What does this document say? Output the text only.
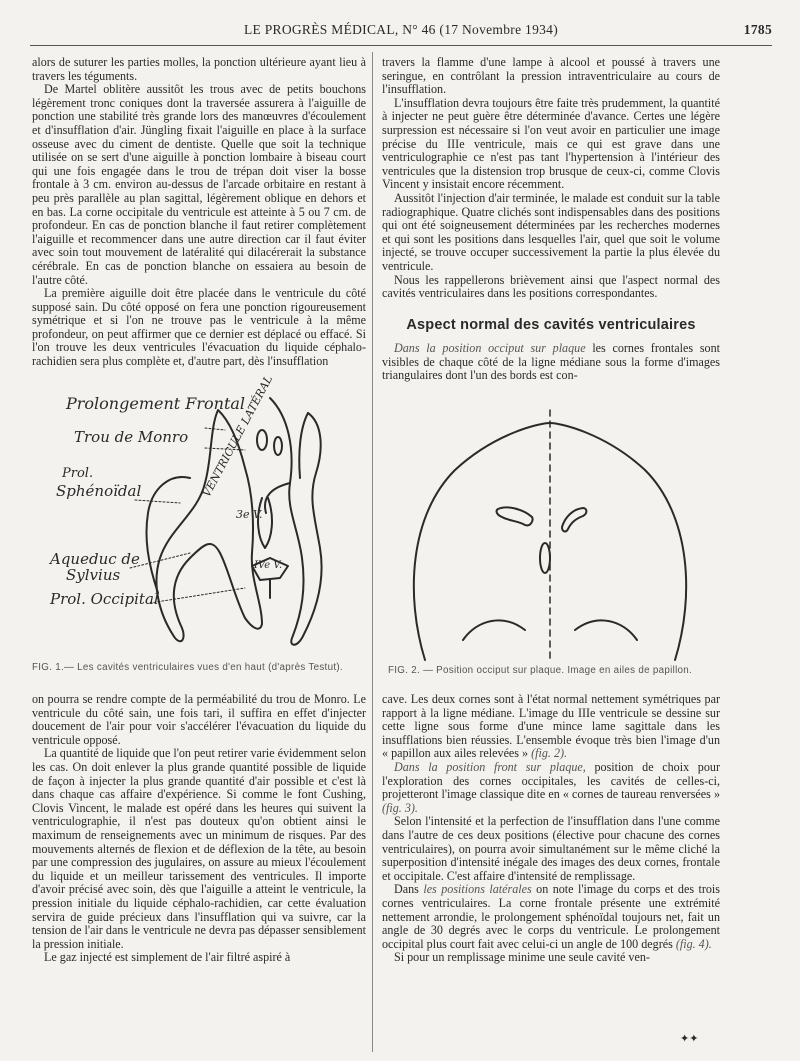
LE PROGRÈS MÉDICAL, N° 46 (17 Novembre 1934)	1785

alors de suturer les parties molles, la ponction ultérieure ayant lieu à travers les téguments.

De Martel oblitère aussitôt les trous avec de petits bouchons légèrement tronc coniques dont la traversée assurera à l'aiguille de ponction une stabilité très grande lors des manœuvres d'écoulement et d'insufflation d'air. Jüngling fixait l'aiguille en place à la surface osseuse avec du ciment de dentiste. Quelle que soit la technique utilisée on se sert d'une aiguille à ponction lombaire à biseau court qui une fois engagée dans le trou de trépan doit viser la bosse frontale à 3 cm. environ au-dessus de l'arcade orbitaire en restant à peu près parallèle au plan sagittal, légèrement oblique en dehors et en bas. La corne occipitale du ventricule est atteinte à 5 ou 7 cm. de profondeur. En cas de ponction blanche il faut retirer complètement l'aiguille et recommencer dans une autre direction car il faut éviter avec soin tout mouvement de latéralité qui dilacérerait la substance cérébrale. En cas de ponction blanche on essaiera au besoin de l'autre côté.

La première aiguille doit être placée dans le ventricule du côté supposé sain. Du côté opposé on fera une ponction rigoureusement symétrique et si l'on ne trouve pas le ventricule à la même profondeur, on peut affirmer que ce dernier est déplacé ou effacé. Si l'on trouve les deux ventricules l'évacuation du liquide céphalo-rachidien sera plus complète et, d'autre part, dès l'insufflation

travers la flamme d'une lampe à alcool et poussé à travers une seringue, en contrôlant la pression intraventriculaire au cours de l'insufflation.

L'insufflation devra toujours être faite très prudemment, la quantité à injecter ne peut guère être déterminée d'avance. Certes une légère surpression est nécessaire si l'on veut avoir en particulier une image précise du IIIe ventricule, mais ce qui est grave dans une ventriculographie ce n'est pas tant l'hypertension à l'intérieur des ventricules que la distension trop brusque de ceux-ci, comme Clovis Vincent y insistait encore récemment.

Aussitôt l'injection d'air terminée, le malade est conduit sur la table radiographique. Quatre clichés sont indispensables dans des positions qui ont été soigneusement déterminées par les recherches modernes et qui sont les positions dans lesquelles l'air, quel que soit le volume injecté, se trouve occuper successivement la partie la plus élevée du ventricule.

Nous les rappellerons brièvement ainsi que l'aspect normal des cavités ventriculaires dans les positions correspondantes.

Aspect normal des cavités ventriculaires

Dans la position occiput sur plaque les cornes frontales sont visibles de chaque côté de la ligne médiane sous la forme d'images triangulaires dont l'un des bords est con-

Prolongement Frontal
Trou de Monro
Prol.
Sphénoïdal
Aqueduc de
Sylvius
Prol. Occipital
VENTRICULE LATÉRAL
3e V.
IVe V.
FIG. 1.— Les cavités ventriculaires vues d'en haut (d'après Testut).	FIG. 2. — Position occiput sur plaque. Image en ailes de papillon.

on pourra se rendre compte de la perméabilité du trou de Monro. Le ventricule du côté sain, une fois tari, il suffira en effet d'injecter doucement de l'air pour voir s'accélérer l'évacuation du liquide du ventricule opposé.

La quantité de liquide que l'on peut retirer varie évidemment selon les cas. On doit enlever la plus grande quantité possible de liquide de façon à injecter la plus grande quantité d'air possible et c'est là dans chaque cas affaire d'expérience. Si comme le font Cushing, Clovis Vincent, le malade est opéré dans les heures qui suivent la ventriculographie, il n'est pas douteux qu'on obtient ainsi le maximum de renseignements avec un minimum de risques. Par des mouvements alternés de flexion et de déflexion de la tête, au besoin par une compression des jugulaires, on assure au mieux l'écoulement du liquide et un meilleur tarissement des ventricules. Il importe d'avoir précisé avec soin, dès que l'aiguille a atteint le ventricule, la pression initiale du liquide céphalo-rachidien, car cette évaluation servira de guide précieux dans l'insufflation qui va suivre, car la tension de l'air dans le ventricule ne devra pas dépasser sensiblement la pression initiale.

Le gaz injecté est simplement de l'air filtré aspiré à

cave. Les deux cornes sont à l'état normal nettement symétriques par rapport à la ligne médiane. L'image du IIIe ventricule se dessine sur cette ligne sous forme d'une mince lame sagittale dans les insufflations bien réussies. L'ensemble évoque très bien l'image d'un « papillon aux ailes relevées » (fig. 2).

Dans la position front sur plaque, position de choix pour l'exploration des cornes occipitales, les cavités de celles-ci, projetteront l'image classique dite en « cornes de taureau renversées » (fig. 3).

Selon l'intensité et la perfection de l'insufflation dans l'une comme dans l'autre de ces deux positions (élective pour chacune des cornes ventriculaires), on pourra avoir simultanément sur le même cliché la superposition d'intensité inégale des images des deux cornes, frontale et occipitale. C'est affaire d'intensité de remplissage.

Dans les positions latérales on note l'image du corps et des trois cornes ventriculaires. La corne frontale présente une extrémité nettement arrondie, le prolongement sphénoïdal toujours net, fait un angle de 30 degrés avec le corps du ventricule. Le prolongement occipital plus court fait avec celui-ci un angle de 100 degrés (fig. 4).

Si pour un remplissage minime une seule cavité ven-

✦✦
